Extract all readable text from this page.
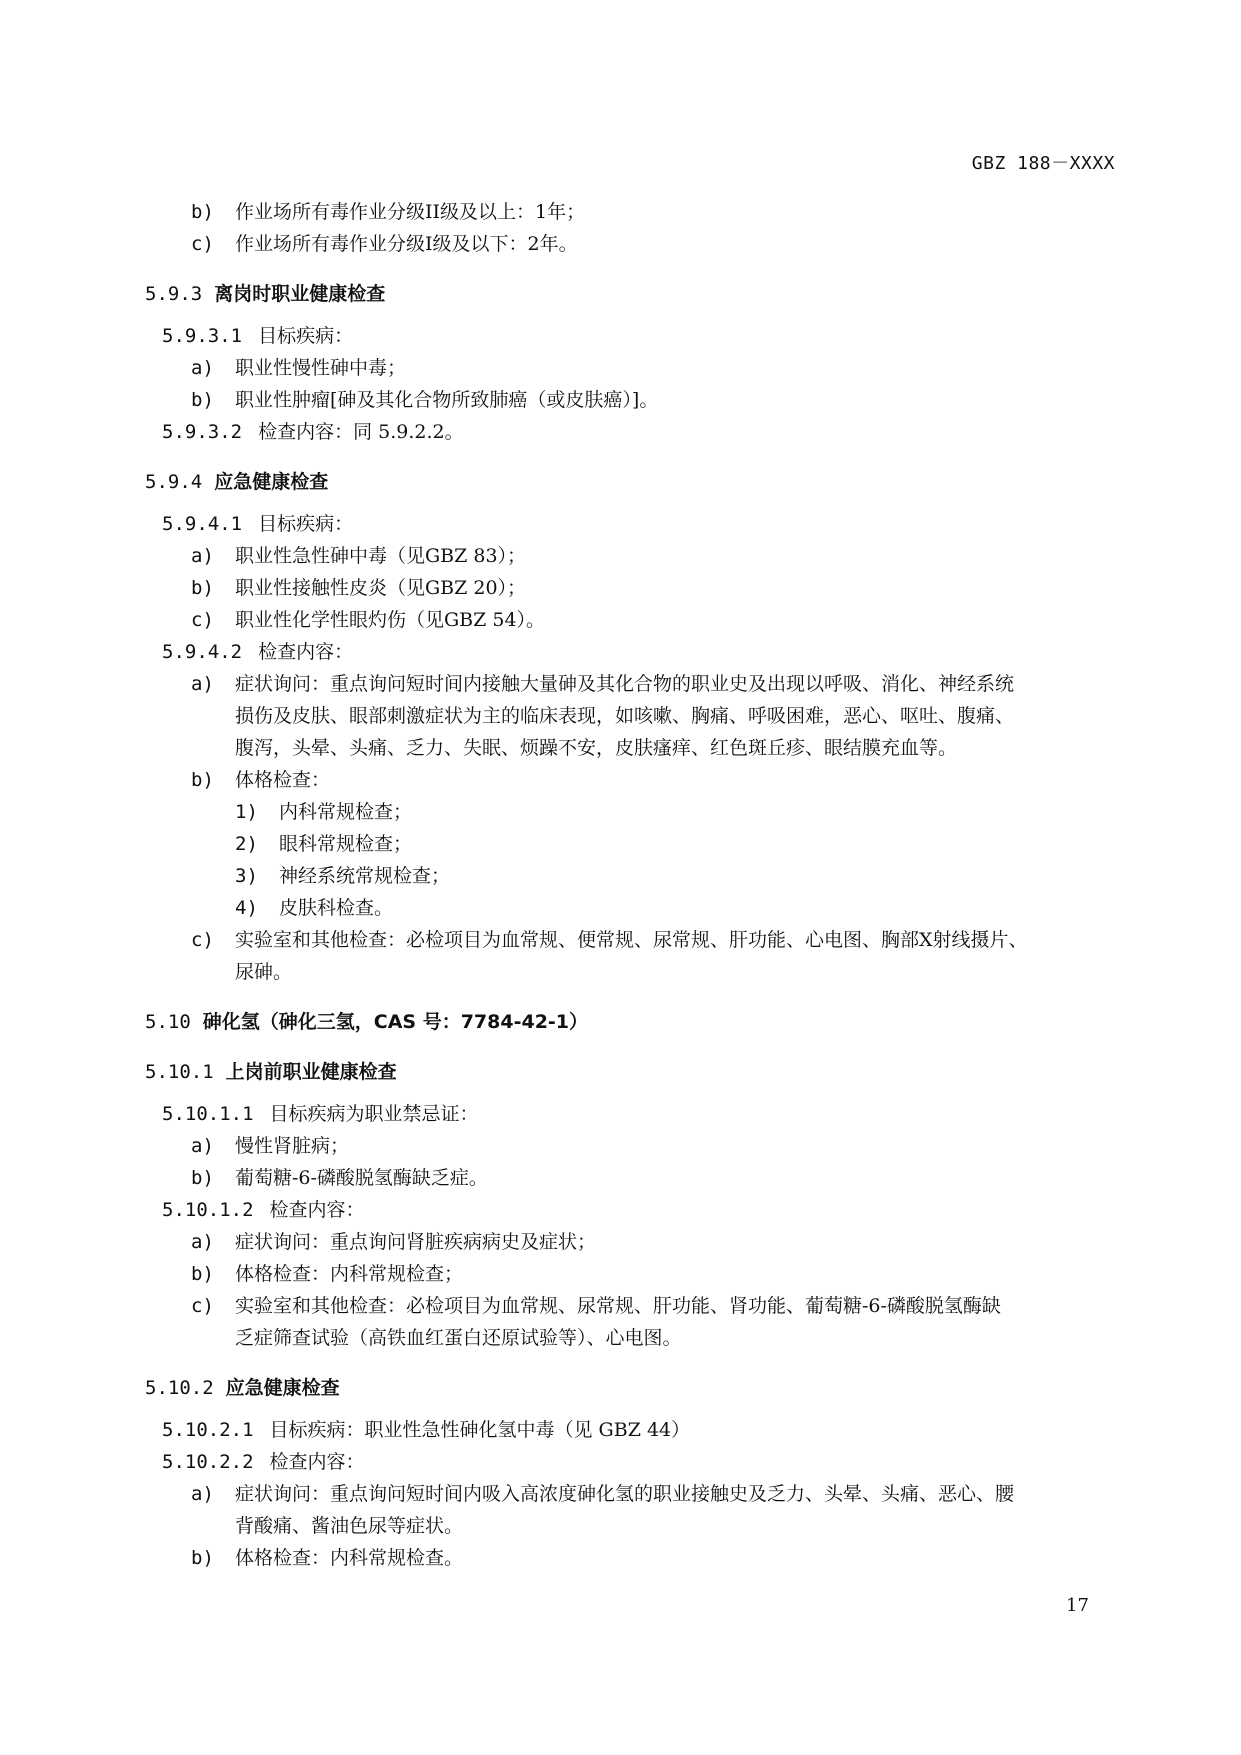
GBZ 188－XXXX
b) 作业场所有毒作业分级II级及以上：1年；
c) 作业场所有毒作业分级I级及以下：2年。
5.9.3 离岗时职业健康检查
5.9.3.1 目标疾病：
a) 职业性慢性砷中毒；
b) 职业性肿瘤[砷及其化合物所致肺癌（或皮肤癌）]。
5.9.3.2 检查内容：同 5.9.2.2。
5.9.4 应急健康检查
5.9.4.1 目标疾病：
a) 职业性急性砷中毒（见GBZ 83）；
b) 职业性接触性皮炎（见GBZ 20）；
c) 职业性化学性眼灼伤（见GBZ 54）。
5.9.4.2 检查内容：
a) 症状询问：重点询问短时间内接触大量砷及其化合物的职业史及出现以呼吸、消化、神经系统
损伤及皮肤、眼部刺激症状为主的临床表现，如咳嗽、胸痛、呼吸困难，恶心、呕吐、腹痛、
腹泻，头晕、头痛、乏力、失眠、烦躁不安，皮肤瘙痒、红色斑丘疹、眼结膜充血等。
b) 体格检查：
1) 内科常规检查；
2) 眼科常规检查；
3) 神经系统常规检查；
4) 皮肤科检查。
c) 实验室和其他检查：必检项目为血常规、便常规、尿常规、肝功能、心电图、胸部X射线摄片、
尿砷。
5.10 砷化氢（砷化三氢，CAS 号：7784-42-1）
5.10.1 上岗前职业健康检查
5.10.1.1 目标疾病为职业禁忌证：
a) 慢性肾脏病；
b) 葡萄糖-6-磷酸脱氢酶缺乏症。
5.10.1.2 检查内容：
a) 症状询问：重点询问肾脏疾病病史及症状；
b) 体格检查：内科常规检查；
c) 实验室和其他检查：必检项目为血常规、尿常规、肝功能、肾功能、葡萄糖-6-磷酸脱氢酶缺
乏症筛查试验（高铁血红蛋白还原试验等）、心电图。
5.10.2 应急健康检查
5.10.2.1 目标疾病：职业性急性砷化氢中毒（见 GBZ 44）
5.10.2.2 检查内容：
a) 症状询问：重点询问短时间内吸入高浓度砷化氢的职业接触史及乏力、头晕、头痛、恶心、腰
背酸痛、酱油色尿等症状。
b) 体格检查：内科常规检查。
17
